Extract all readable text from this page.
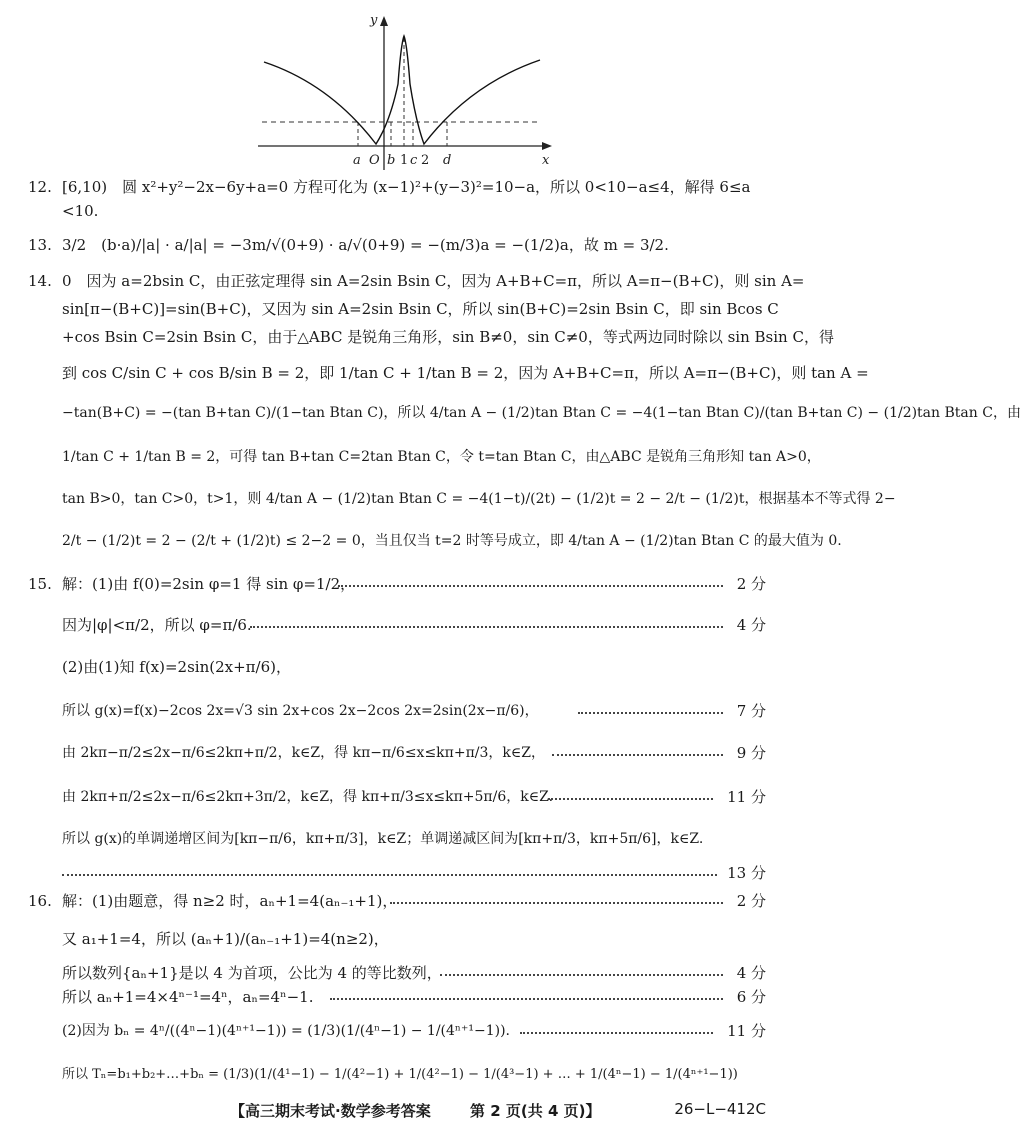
y
x
a O b 1 c 2 d
12. [6,10)　圆 x²+y²−2x−6y+a=0 方程可化为 (x−1)²+(y−3)²=10−a，所以 0<10−a≤4，解得 6≤a
<10.
13. 3/2　(b·a)/|a| · a/|a| = −3m/√(0+9) · a/√(0+9) = −(m/3)a = −(1/2)a，故 m = 3/2.
14. 0　因为 a=2bsin C，由正弦定理得 sin A=2sin Bsin C，因为 A+B+C=π，所以 A=π−(B+C)，则 sin A=
sin[π−(B+C)]=sin(B+C)，又因为 sin A=2sin Bsin C，所以 sin(B+C)=2sin Bsin C，即 sin Bcos C
+cos Bsin C=2sin Bsin C，由于△ABC 是锐角三角形，sin B≠0，sin C≠0，等式两边同时除以 sin Bsin C，得
到 cos C/sin C + cos B/sin B = 2，即 1/tan C + 1/tan B = 2，因为 A+B+C=π，所以 A=π−(B+C)，则 tan A =
−tan(B+C) = −(tan B+tan C)/(1−tan Btan C)，所以 4/tan A − (1/2)tan Btan C = −4(1−tan Btan C)/(tan B+tan C) − (1/2)tan Btan C，由
1/tan C + 1/tan B = 2，可得 tan B+tan C=2tan Btan C，令 t=tan Btan C，由△ABC 是锐角三角形知 tan A>0，
tan B>0，tan C>0，t>1，则 4/tan A − (1/2)tan Btan C = −4(1−t)/(2t) − (1/2)t = 2 − 2/t − (1/2)t，根据基本不等式得 2−
2/t − (1/2)t = 2 − (2/t + (1/2)t) ≤ 2−2 = 0，当且仅当 t=2 时等号成立，即 4/tan A − (1/2)tan Btan C 的最大值为 0.
15. 解：(1)由 f(0)=2sin φ=1 得 sin φ=1/2，	2 分
因为|φ|<π/2，所以 φ=π/6.	4 分
(2)由(1)知 f(x)=2sin(2x+π/6)，
所以 g(x)=f(x)−2cos 2x=√3 sin 2x+cos 2x−2cos 2x=2sin(2x−π/6)，	7 分
由 2kπ−π/2≤2x−π/6≤2kπ+π/2，k∈Z，得 kπ−π/6≤x≤kπ+π/3，k∈Z，	9 分
由 2kπ+π/2≤2x−π/6≤2kπ+3π/2，k∈Z，得 kπ+π/3≤x≤kπ+5π/6，k∈Z.	11 分
所以 g(x)的单调递增区间为[kπ−π/6，kπ+π/3]，k∈Z；单调递减区间为[kπ+π/3，kπ+5π/6]，k∈Z.
13 分
16. 解：(1)由题意，得 n≥2 时，aₙ+1=4(aₙ₋₁+1)，	2 分
又 a₁+1=4，所以 (aₙ+1)/(aₙ₋₁+1)=4(n≥2)，
所以数列{aₙ+1}是以 4 为首项，公比为 4 的等比数列，	4 分
所以 aₙ+1=4×4ⁿ⁻¹=4ⁿ，aₙ=4ⁿ−1.	6 分
(2)因为 bₙ = 4ⁿ/((4ⁿ−1)(4ⁿ⁺¹−1)) = (1/3)(1/(4ⁿ−1) − 1/(4ⁿ⁺¹−1)).	11 分
所以 Tₙ=b₁+b₂+…+bₙ = (1/3)(1/(4¹−1) − 1/(4²−1) + 1/(4²−1) − 1/(4³−1) + … + 1/(4ⁿ−1) − 1/(4ⁿ⁺¹−1))
【高三期末考试·数学参考答案	第 2 页(共 4 页)】	26−L−412C
